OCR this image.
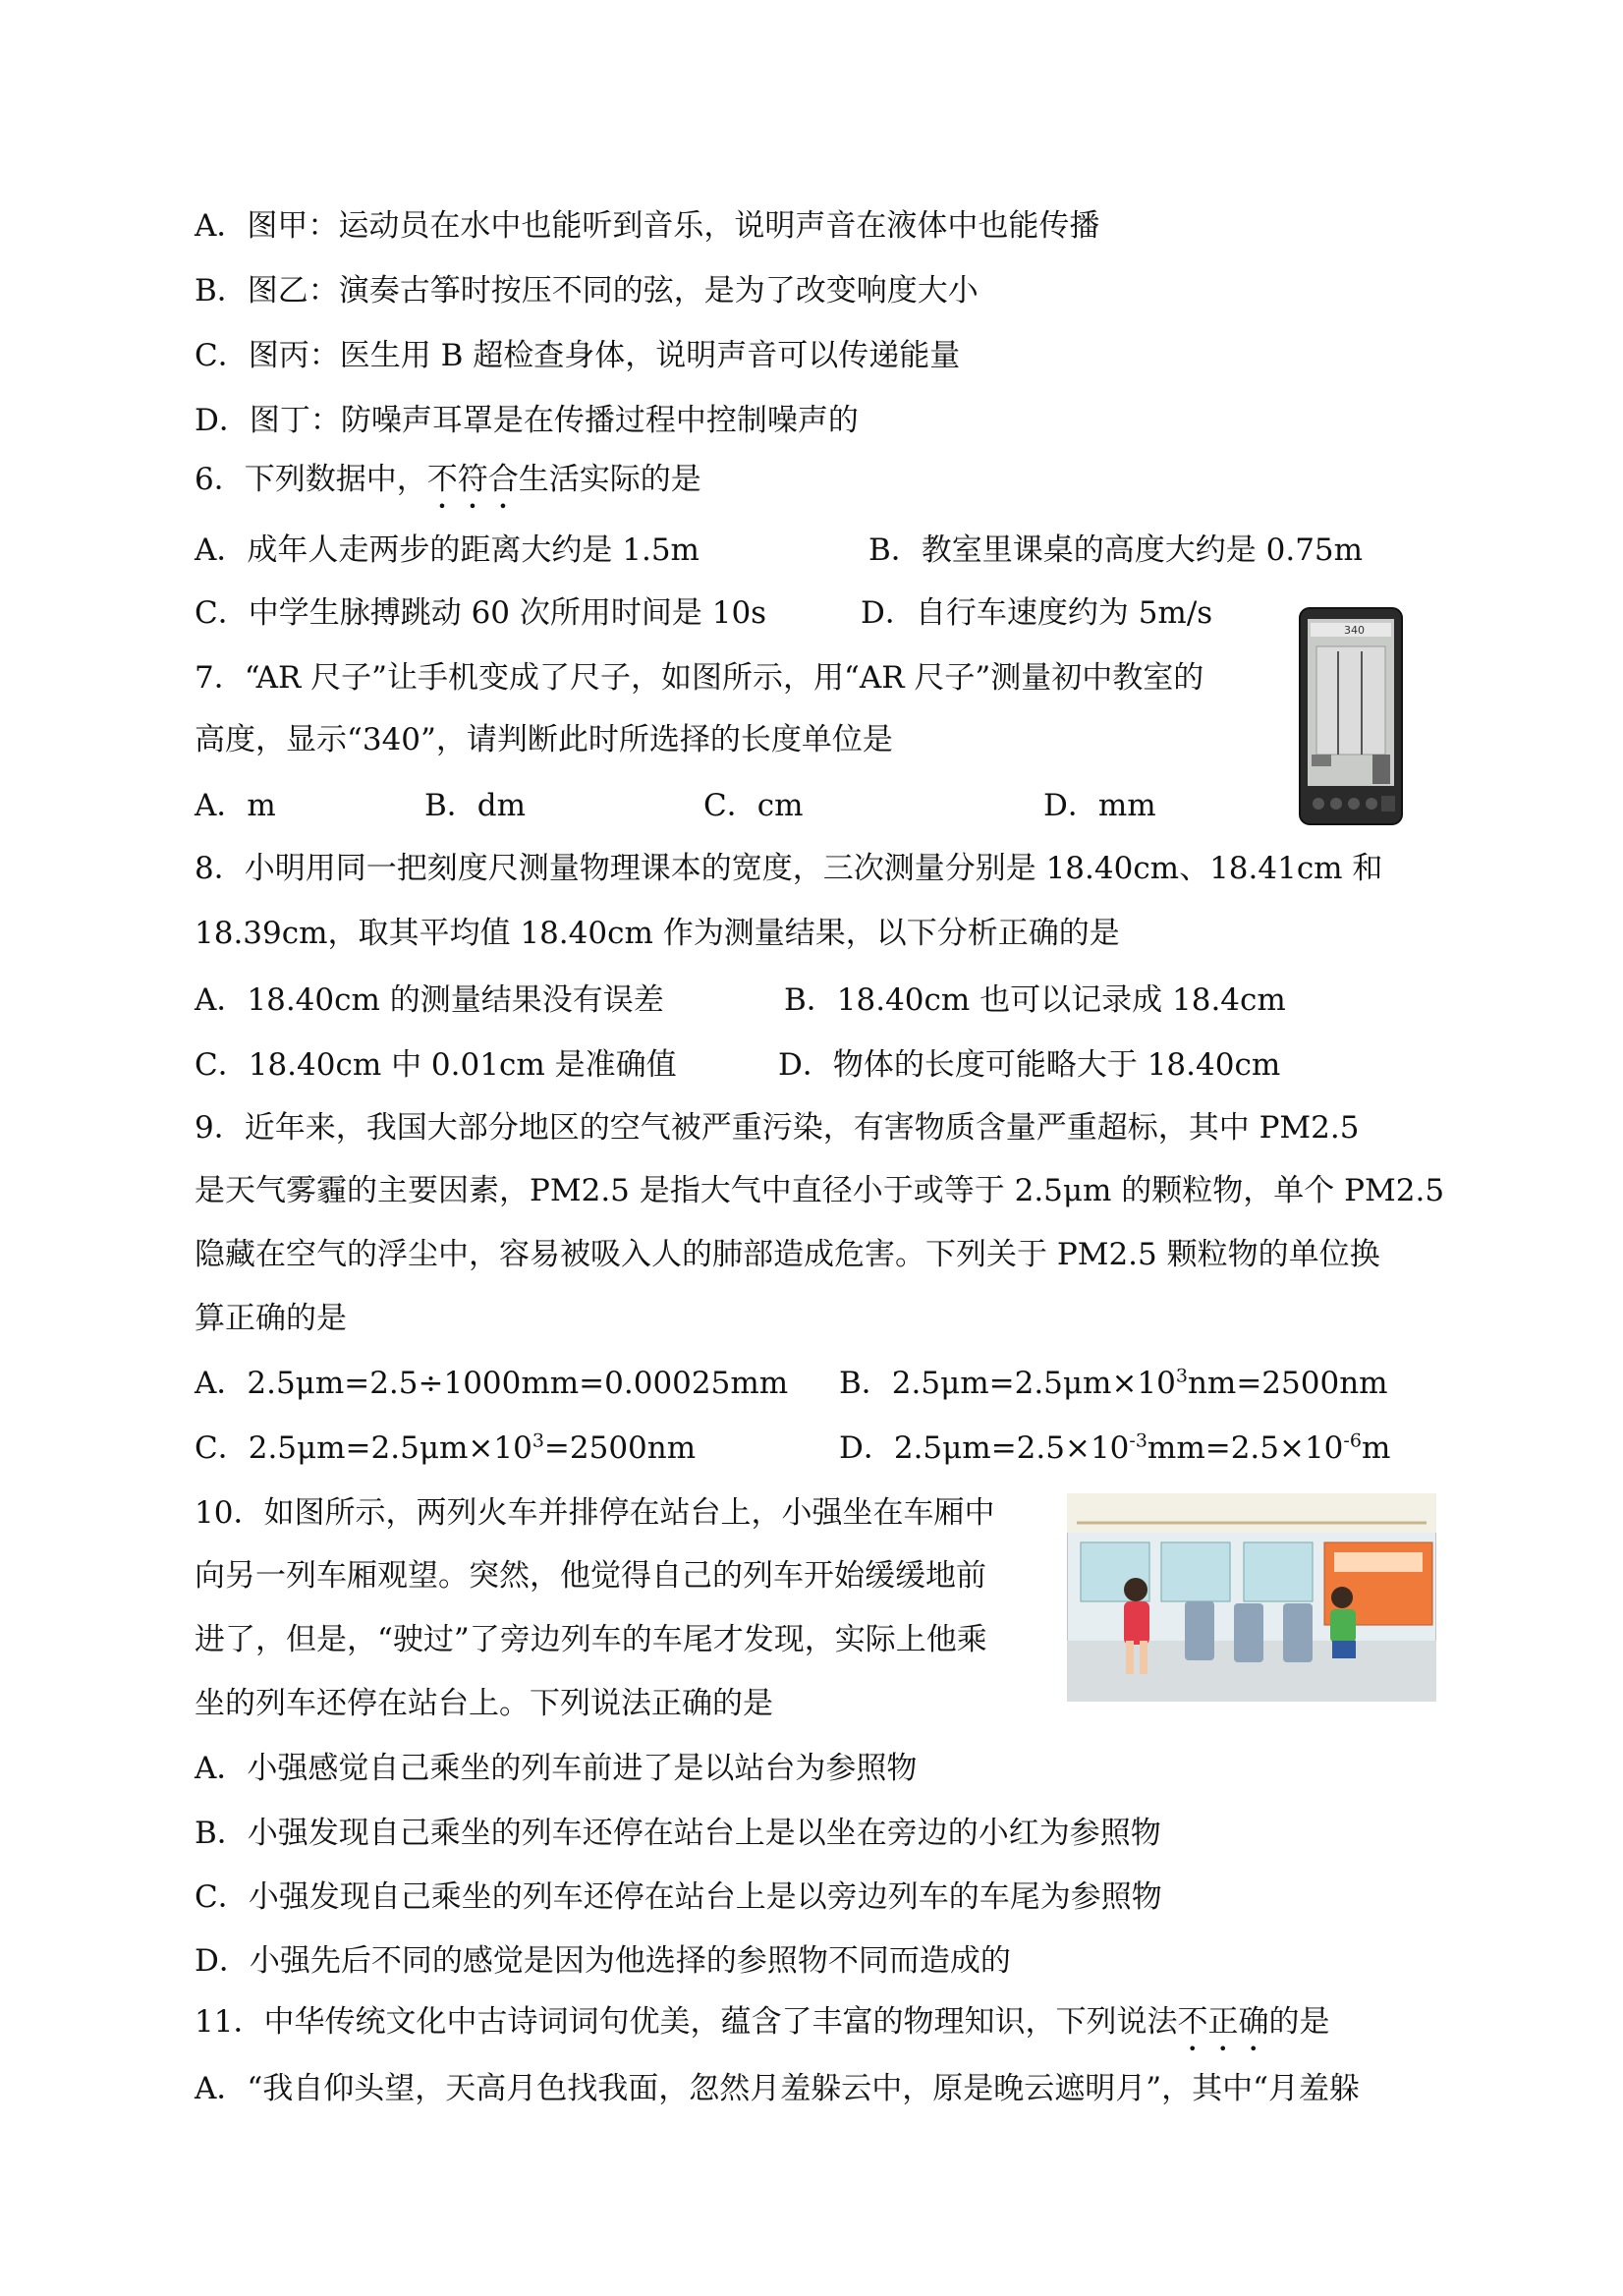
A．图甲：运动员在水中也能听到音乐，说明声音在液体中也能传播
B．图乙：演奏古筝时按压不同的弦，是为了改变响度大小
C．图丙：医生用 B 超检查身体，说明声音可以传递能量
D．图丁：防噪声耳罩是在传播过程中控制噪声的
6．下列数据中，不符合生活实际的是
A．成年人走两步的距离大约是 1.5m	B．教室里课桌的高度大约是 0.75m
C．中学生脉搏跳动 60 次所用时间是 10s	D．自行车速度约为 5m/s
7．“AR 尺子”让手机变成了尺子，如图所示，用“AR 尺子”测量初中教室的
高度，显示“340”，请判断此时所选择的长度单位是
A．m	B．dm	C．cm	D．mm
340
8．小明用同一把刻度尺测量物理课本的宽度，三次测量分别是 18.40cm、18.41cm 和
18.39cm，取其平均值 18.40cm 作为测量结果，以下分析正确的是
A．18.40cm 的测量结果没有误差	B．18.40cm 也可以记录成 18.4cm
C．18.40cm 中 0.01cm 是准确值	D．物体的长度可能略大于 18.40cm
9．近年来，我国大部分地区的空气被严重污染，有害物质含量严重超标，其中 PM2.5
是天气雾霾的主要因素，PM2.5 是指大气中直径小于或等于 2.5μm 的颗粒物，单个 PM2.5
隐藏在空气的浮尘中，容易被吸入人的肺部造成危害。下列关于 PM2.5 颗粒物的单位换
算正确的是
A．2.5μm=2.5÷1000mm=0.00025mm B．$2.5\mu m=2.5\mu m\times 10^3nm=2500nm$
C．$2.5\mu m=2.5\mu m\times 10^3=2500nm$	D．$2.5\mu m=2.5\times 10^{-3}mm=2.5\times 10^{-6}m$
10．如图所示，两列火车并排停在站台上，小强坐在车厢中
向另一列车厢观望。突然，他觉得自己的列车开始缓缓地前
进了，但是，“驶过”了旁边列车的车尾才发现，实际上他乘
坐的列车还停在站台上。下列说法正确的是
A．小强感觉自己乘坐的列车前进了是以站台为参照物
B．小强发现自己乘坐的列车还停在站台上是以坐在旁边的小红为参照物
C．小强发现自己乘坐的列车还停在站台上是以旁边列车的车尾为参照物
D．小强先后不同的感觉是因为他选择的参照物不同而造成的
11．中华传统文化中古诗词词句优美，蕴含了丰富的物理知识，下列说法不正确的是
A．“我自仰头望，天高月色找我面，忽然月羞躲云中，原是晚云遮明月”，其中“月羞躲
